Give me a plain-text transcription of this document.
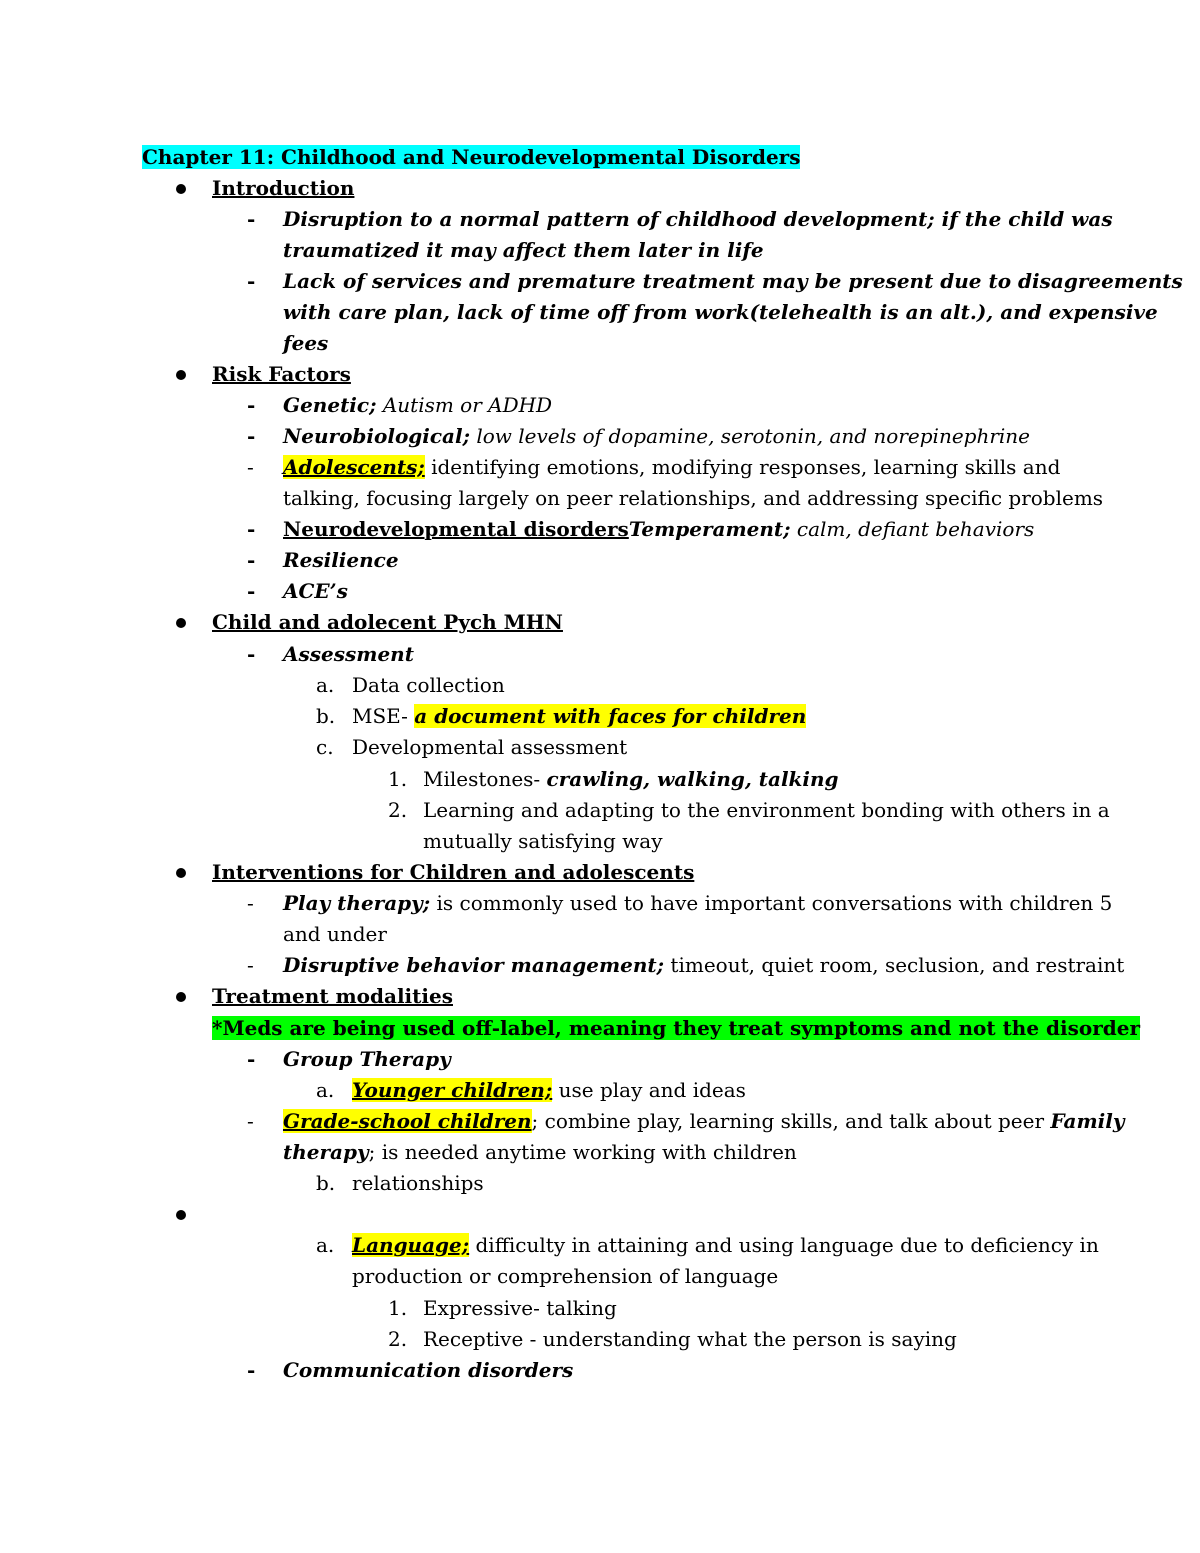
Chapter 11: Childhood and Neurodevelopmental Disorders
Introduction
- Disruption to a normal pattern of childhood development; if the child was
traumatized it may affect them later in life
- Lack of services and premature treatment may be present due to disagreements
with care plan, lack of time off from work(telehealth is an alt.), and expensive
fees
Risk Factors
- Genetic; Autism or ADHD
- Neurobiological; low levels of dopamine, serotonin, and norepinephrine
- Adolescents; identifying emotions, modifying responses, learning skills and
talking, focusing largely on peer relationships, and addressing specific problems
- Neurodevelopmental disordersTemperament; calm, defiant behaviors
- Resilience
- ACE’s
Child and adolecent Pych MHN
- Assessment
a. Data collection
b. MSE- a document with faces for children
c. Developmental assessment
1. Milestones- crawling, walking, talking
2. Learning and adapting to the environment bonding with others in a
mutually satisfying way
Interventions for Children and adolescents
- Play therapy; is commonly used to have important conversations with children 5
and under
- Disruptive behavior management; timeout, quiet room, seclusion, and restraint
Treatment modalities
*Meds are being used off-label, meaning they treat symptoms and not the disorder
- Group Therapy
a. Younger children; use play and ideas
- Grade-school children; combine play, learning skills, and talk about peer Family
therapy; is needed anytime working with children
b. relationships
a. Language; difficulty in attaining and using language due to deficiency in
production or comprehension of language
1. Expressive- talking
2. Receptive - understanding what the person is saying
- Communication disorders
